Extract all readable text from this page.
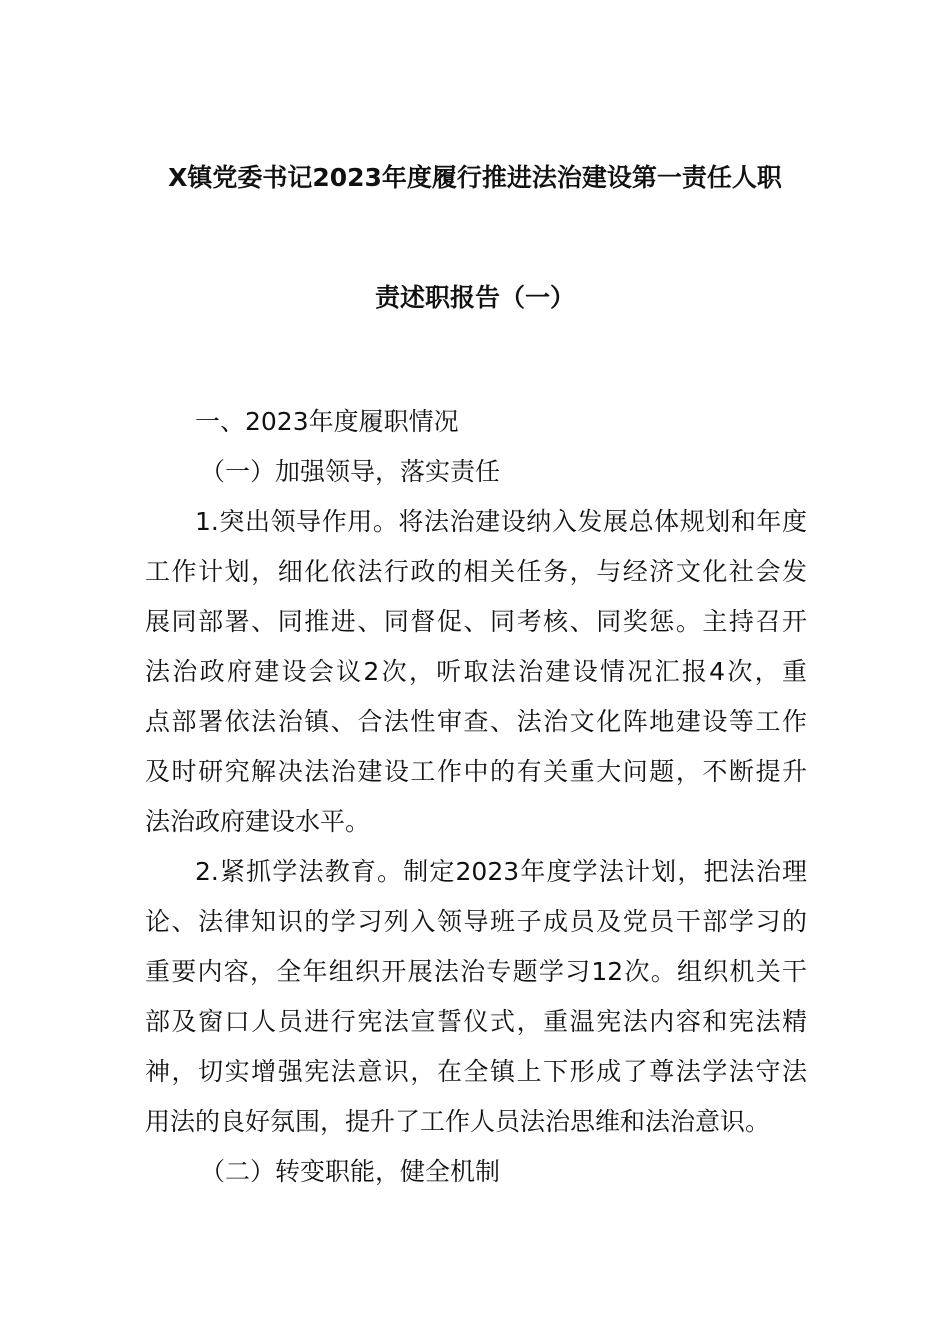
X镇党委书记2023年度履行推进法治建设第一责任人职
责述职报告（一）

一、2023年度履职情况

（一）加强领导，落实责任

1.突出领导作用。将法治建设纳入发展总体规划和年度

工作计划，细化依法行政的相关任务，与经济文化社会发

展同部署、同推进、同督促、同考核、同奖惩。主持召开

法治政府建设会议2次，听取法治建设情况汇报4次，重

点部署依法治镇、合法性审查、法治文化阵地建设等工作

及时研究解决法治建设工作中的有关重大问题，不断提升

法治政府建设水平。

2.紧抓学法教育。制定2023年度学法计划，把法治理

论、法律知识的学习列入领导班子成员及党员干部学习的

重要内容，全年组织开展法治专题学习12次。组织机关干

部及窗口人员进行宪法宣誓仪式，重温宪法内容和宪法精

神，切实增强宪法意识，在全镇上下形成了尊法学法守法

用法的良好氛围，提升了工作人员法治思维和法治意识。

（二）转变职能，健全机制
